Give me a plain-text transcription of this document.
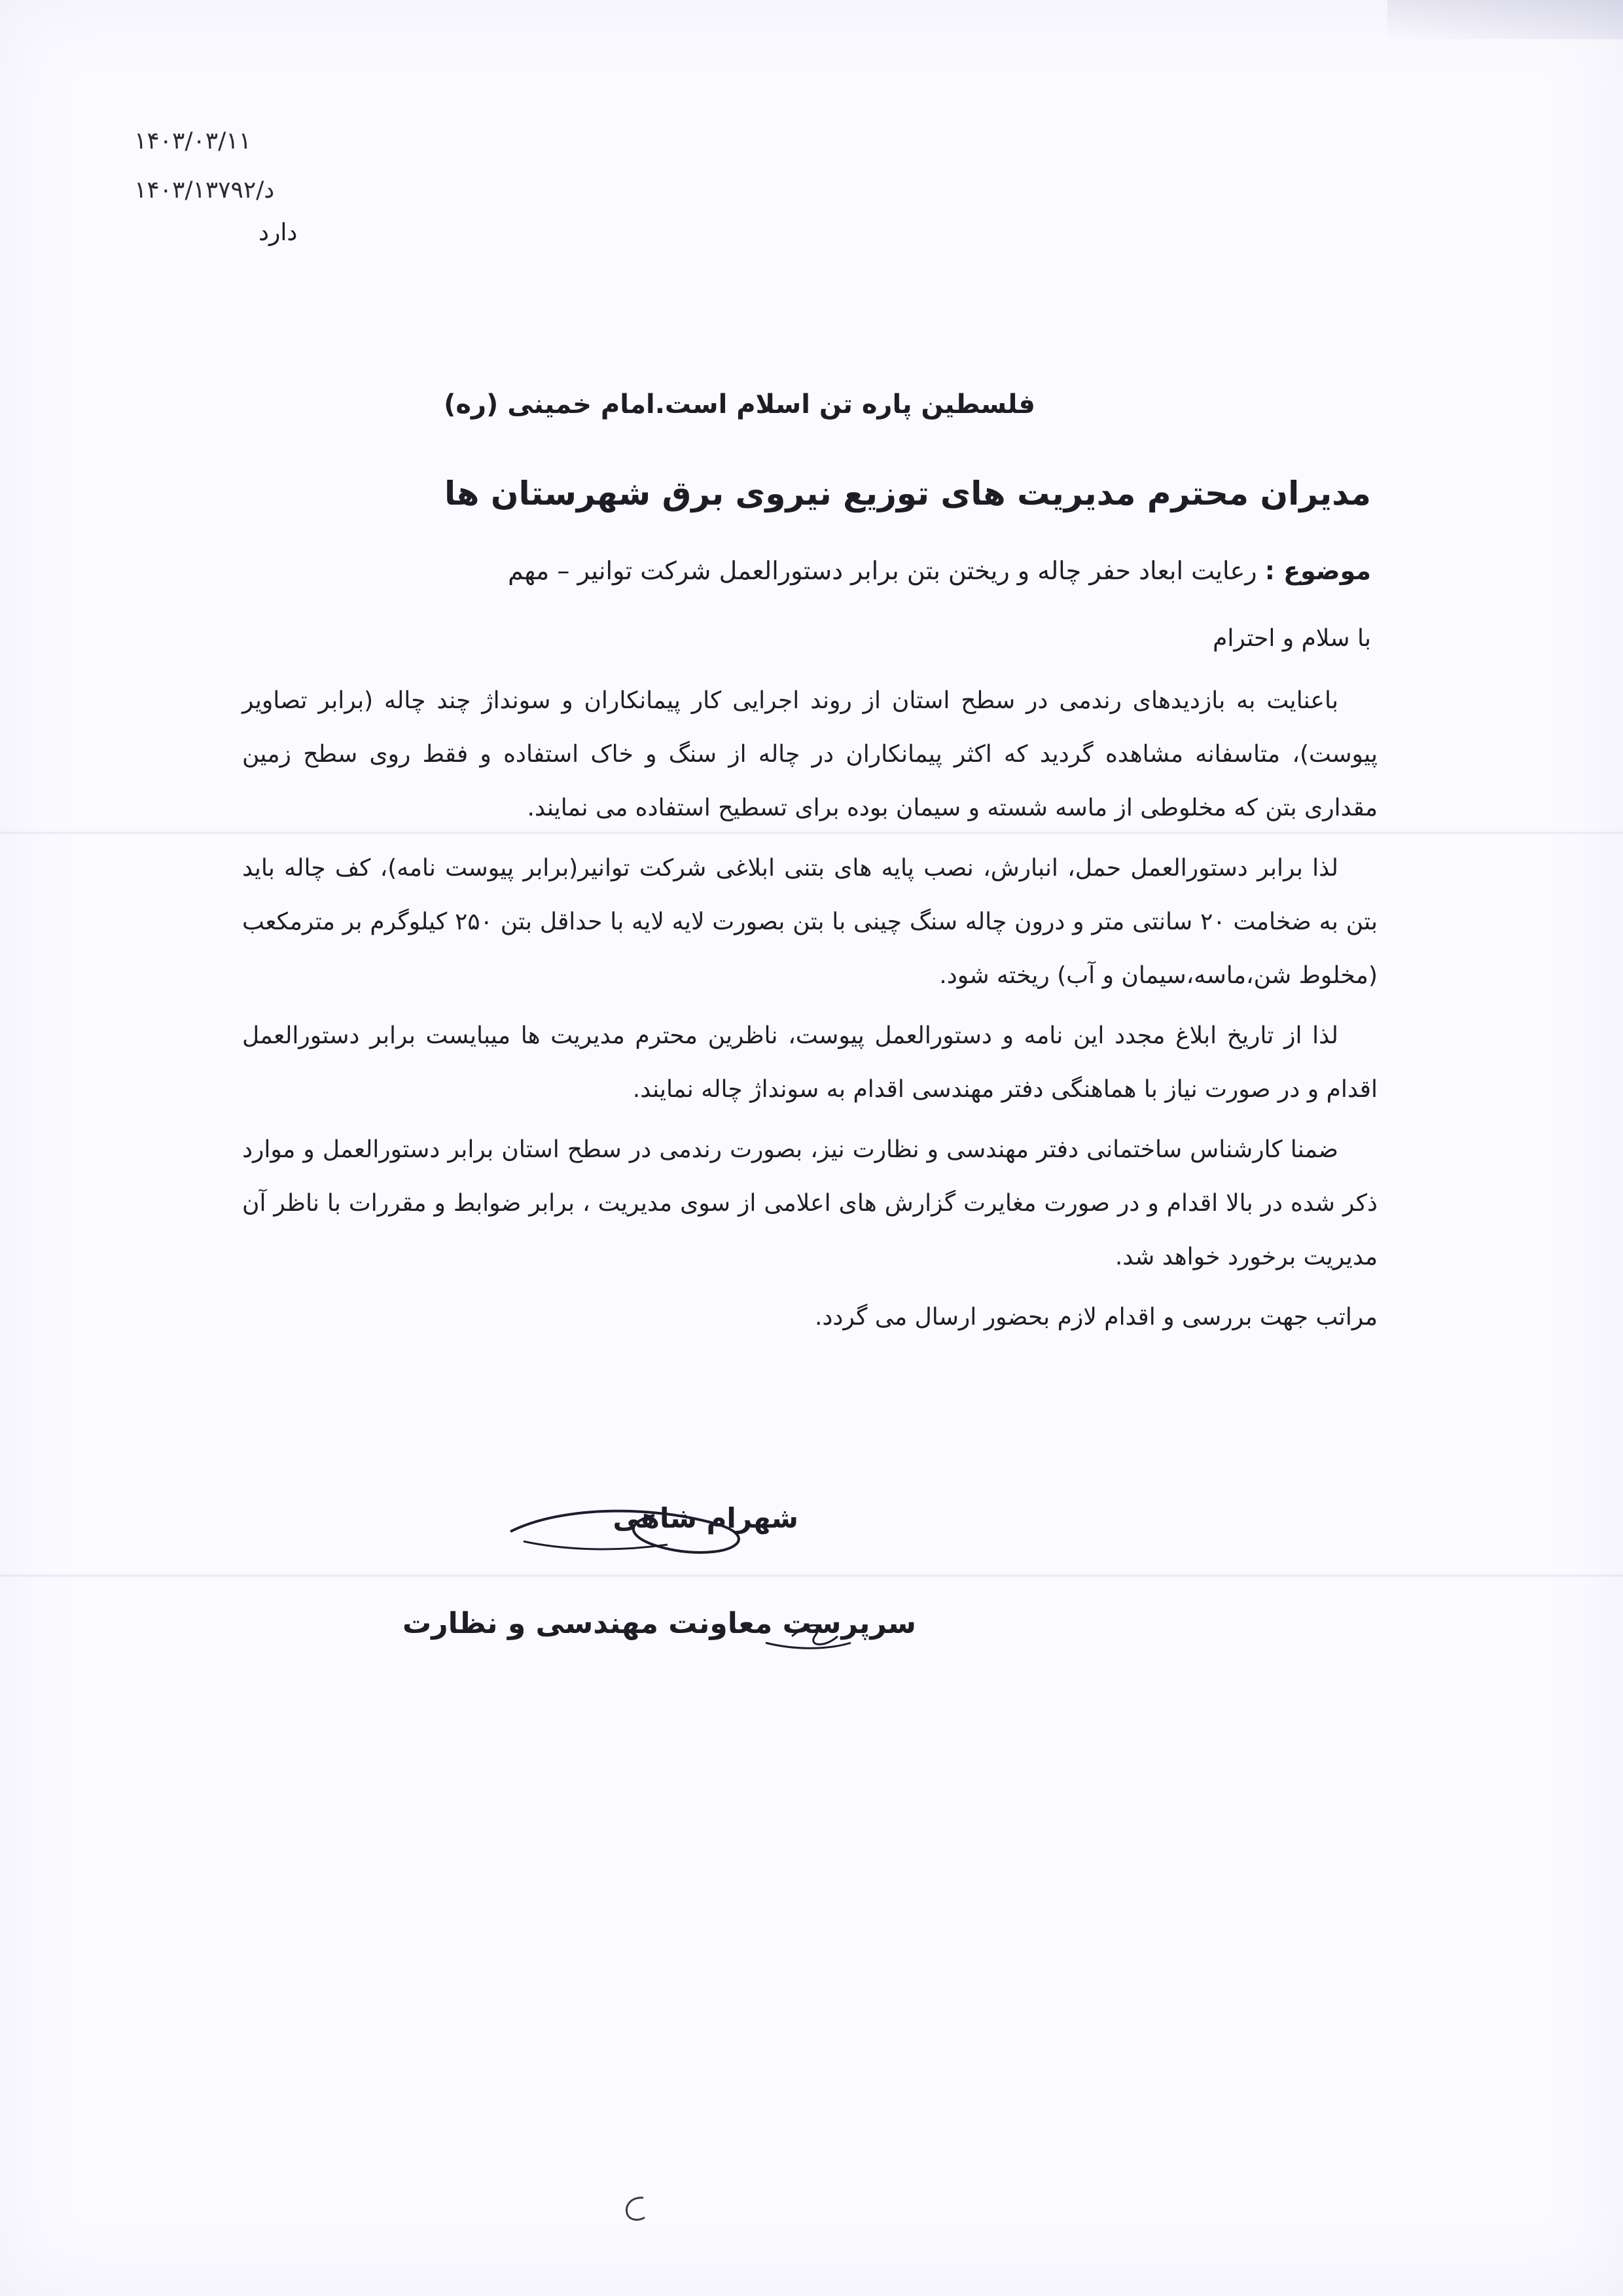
۱۴۰۳/۰۳/۱۱
۱۴۰۳/د/۱۳۷۹۲
دارد
فلسطین پاره تن اسلام است.امام خمینی (ره)
مدیران محترم مدیریت های توزیع نیروی برق شهرستان ها
موضوع : رعایت ابعاد حفر چاله و ریختن بتن برابر دستورالعمل شرکت توانیر – مهم
با سلام و احترام

باعنایت به بازدیدهای رندمی در سطح استان از روند اجرایی کار پیمانکاران و سونداژ چند چاله (برابر تصاویر پیوست)، متاسفانه مشاهده گردید که اکثر پیمانکاران در چاله از سنگ و خاک استفاده و فقط روی سطح زمین مقداری بتن که مخلوطی از ماسه شسته و سیمان بوده برای تسطیح استفاده می نمایند.

لذا برابر دستورالعمل حمل، انبارش، نصب پایه های بتنی ابلاغی شرکت توانیر(برابر پیوست نامه)، کف چاله باید بتن به ضخامت ۲۰ سانتی متر و درون چاله سنگ چینی با بتن بصورت لایه لایه با حداقل بتن ۲۵۰ کیلوگرم بر مترمکعب (مخلوط شن،ماسه،سیمان و آب) ریخته شود.

لذا از تاریخ ابلاغ مجدد این نامه و دستورالعمل پیوست، ناظرین محترم مدیریت ها میبایست برابر دستورالعمل اقدام و در صورت نیاز با هماهنگی دفتر مهندسی اقدام به سونداژ چاله نمایند.

ضمنا کارشناس ساختمانی دفتر مهندسی و نظارت نیز، بصورت رندمی در سطح استان برابر دستورالعمل و موارد ذکر شده در بالا اقدام و در صورت مغایرت گزارش های اعلامی از سوی مدیریت ، برابر ضوابط و مقررات با ناظر آن مدیریت برخورد خواهد شد.

مراتب جهت بررسی و اقدام لازم بحضور ارسال می گردد.

شهرام شاهی
سرپرست معاونت مهندسی و نظارت
